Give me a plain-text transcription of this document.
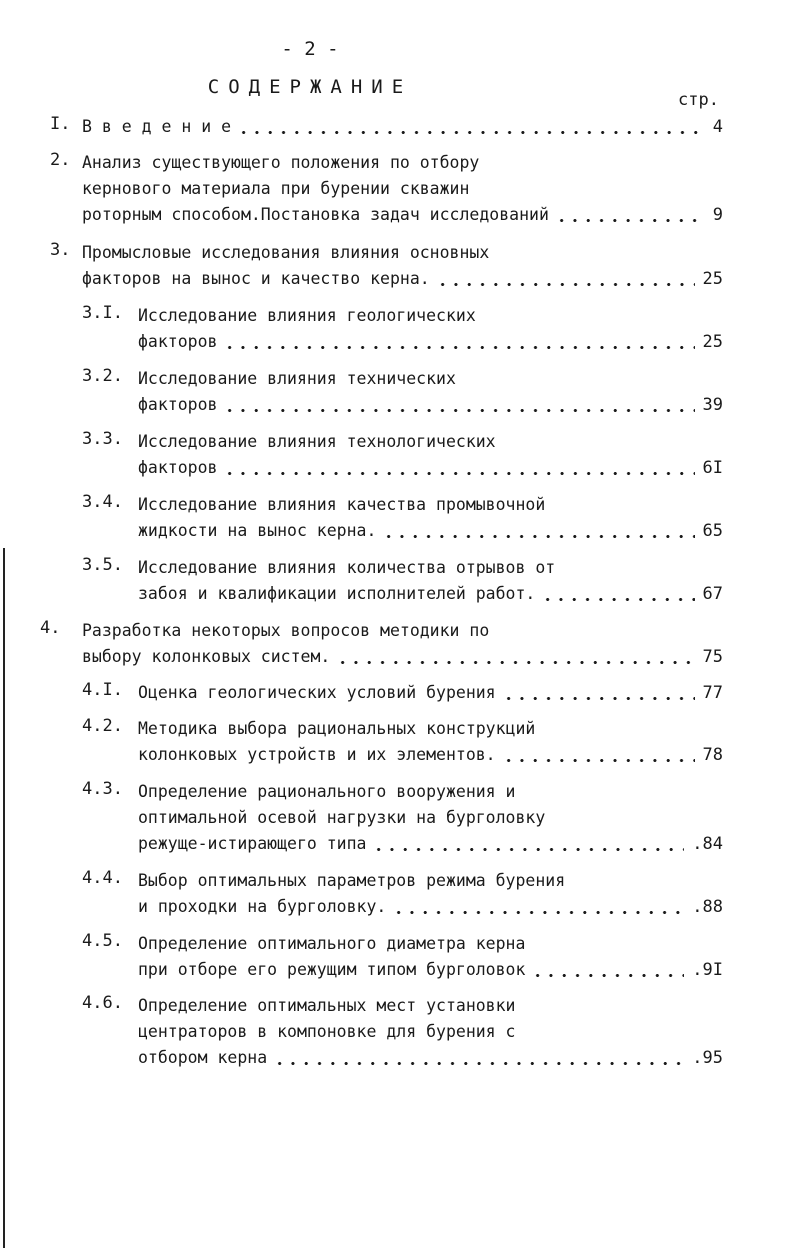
- 2 -
СОДЕРЖАНИЕ
стр.
I. В в е д е н и е	4
2. Анализ существующего положения по отбору
кернового материала при бурении скважин
роторным способом.Постановка задач исследований	9
3. Промысловые исследования влияния основных
факторов на вынос и качество керна.	25
3.I. Исследование влияния геологических
факторов	25
3.2. Исследование влияния технических
факторов	39
3.3. Исследование влияния технологических
факторов	6I
3.4. Исследование влияния качества промывочной
жидкости на вынос керна.	65
3.5. Исследование влияния количества отрывов от
забоя и квалификации исполнителей работ.	67
4. Разработка некоторых вопросов методики по
выбору колонковых систем.	75
4.I. Оценка геологических условий бурения	77
4.2. Методика выбора рациональных конструкций
колонковых устройств и их элементов.	78
4.3. Определение рационального вооружения и
оптимальной осевой нагрузки на бурголовку
режуще-истирающего типа	.84
4.4. Выбор оптимальных параметров режима бурения
и проходки на бурголовку.	.88
4.5. Определение оптимального диаметра керна
при отборе его режущим типом бурголовок	.9I
4.6. Определение оптимальных мест установки
центраторов в компоновке для бурения с
отбором керна	.95
